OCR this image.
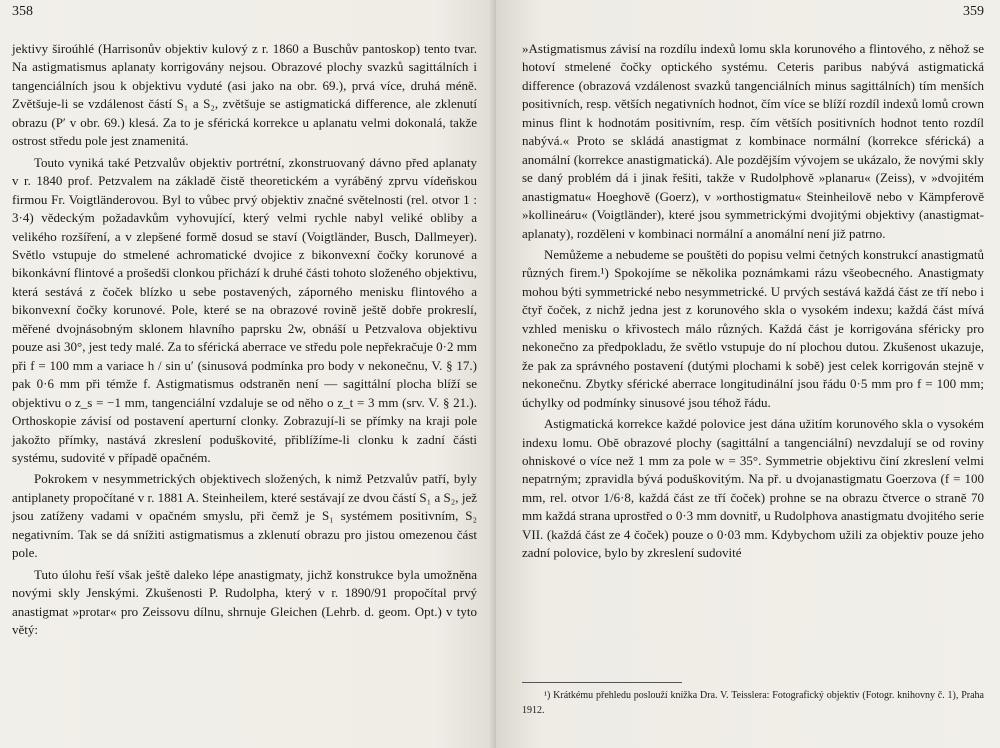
358

jektivy široúhlé (Harrisonův objektiv kulový z r. 1860 a Buschův pantoskop) tento tvar. Na astigmatismus aplanaty korrigovány nejsou. Obrazové plochy svazků sagittálních i tangenciálních jsou k objektivu vyduté (asi jako na obr. 69.), prvá více, druhá méně. Zvětšuje-li se vzdálenost částí S₁ a S₂, zvětšuje se astigmatická difference, ale zklenutí obrazu (P′ v obr. 69.) klesá. Za to je sférická korrekce u aplanatu velmi dokonalá, takže ostrost středu pole jest znamenitá.

Touto vyniká také Petzvalův objektiv portrétní, zkonstruovaný dávno před aplanaty v r. 1840 prof. Petzvalem na základě čistě theoretickém a vyráběný zprvu vídeňskou firmou Fr. Voigtländerovou. Byl to vůbec prvý objektiv značné světelnosti (rel. otvor 1 : 3·4) vědeckým požadavkům vyhovující, který velmi rychle nabyl veliké obliby a velikého rozšíření, a v zlepšené formě dosud se staví (Voigtländer, Busch, Dallmeyer). Světlo vstupuje do stmelené achromatické dvojice z bikonvexní čočky korunové a bikonkávní flintové a prošedši clonkou přichází k druhé části tohoto složeného objektivu, která sestává z čoček blízko u sebe postavených, záporného menisku flintového a bikonvexní čočky korunové. Pole, které se na obrazové rovině ještě dobře prokreslí, měřené dvojnásobným sklonem hlavního paprsku 2w, obnáší u Petzvalova objektivu pouze asi 30°, jest tedy malé. Za to sférická aberrace ve středu pole nepřekračuje 0·2 mm při f = 100 mm a variace h / sin u′ (sinusová podmínka pro body v nekonečnu, V. § 17.) pak 0·6 mm při témže f. Astigmatismus odstraněn není — sagittální plocha blíží se objektivu o z_s = −1 mm, tangenciální vzdaluje se od něho o z_t = 3 mm (srv. V. § 21.). Orthoskopie závisí od postavení aperturní clonky. Zobrazují-li se přímky na kraji pole jakožto přímky, nastává zkreslení poduškovité, přiblížíme-li clonku k zadní části systému, sudovité v případě opačném.

Pokrokem v nesymmetrických objektivech složených, k nimž Petzvalův patří, byly antiplanety propočítané v r. 1881 A. Steinheilem, které sestávají ze dvou částí S₁ a S₂, jež jsou zatíženy vadami v opačném smyslu, při čemž je S₁ systémem positivním, S₂ negativním. Tak se dá snížiti astigmatismus a zklenutí obrazu pro jistou omezenou část pole.

Tuto úlohu řeší však ještě daleko lépe anastigmaty, jichž konstrukce byla umožněna novými skly Jenskými. Zkušenosti P. Rudolpha, který v r. 1890/91 propočítal prvý anastigmat »protar« pro Zeissovu dílnu, shrnuje Gleichen (Lehrb. d. geom. Opt.) v tyto větý:

359

»Astigmatismus závisí na rozdílu indexů lomu skla korunového a flintového, z něhož se hotoví stmelené čočky optického systému. Ceteris paribus nabývá astigmatická difference (obrazová vzdálenost svazků tangenciálních minus sagittálních) tím menších positivních, resp. větších negativních hodnot, čím více se blíží rozdíl indexů lomů crown minus flint k hodnotám positivním, resp. čím větších positivních hodnot tento rozdíl nabývá.« Proto se skládá anastigmat z kombinace normální (korrekce sférická) a anomální (korrekce anastigmatická). Ale pozdějším vývojem se ukázalo, že novými skly se daný problém dá i jinak řešiti, takže v Rudolphově »planaru« (Zeiss), v »dvojitém anastigmatu« Hoeghově (Goerz), v »orthostigmatu« Steinheilově nebo v Kämpferově »kollineáru« (Voigtländer), které jsou symmetrickými dvojitými objektivy (anastigmat-aplanaty), rozděleni v kombinaci normální a anomální není již patrno.

Nemůžeme a nebudeme se pouštěti do popisu velmi četných konstrukcí anastigmatů různých firem.¹) Spokojíme se několika poznámkami rázu všeobecného. Anastigmaty mohou býti symmetrické nebo nesymmetrické. U prvých sestává každá část ze tří nebo i čtyř čoček, z nichž jedna jest z korunového skla o vysokém indexu; každá část mívá vzhled menisku o křivostech málo různých. Každá část je korrigována sféricky pro nekonečno za předpokladu, že světlo vstupuje do ní plochou dutou. Zkušenost ukazuje, že pak za správného postavení (dutými plochami k sobě) jest celek korrigován stejně v nekonečnu. Zbytky sférické aberrace longitudinální jsou řádu 0·5 mm pro f = 100 mm; úchylky od podmínky sinusové jsou téhož řádu.

Astigmatická korrekce každé polovice jest dána užitím korunového skla o vysokém indexu lomu. Obě obrazové plochy (sagittální a tangenciální) nevzdalují se od roviny ohniskové o více než 1 mm za pole w = 35°. Symmetrie objektivu činí zkreslení velmi nepatrným; zpravidla bývá poduškovitým. Na př. u dvojanastigmatu Goerzova (f = 100 mm, rel. otvor 1/6·8, každá část ze tří čoček) prohne se na obrazu čtverce o straně 70 mm každá strana uprostřed o 0·3 mm dovnitř, u Rudolphova anastigmatu dvojitého serie VII. (každá část ze 4 čoček) pouze o 0·03 mm. Kdybychom užili za objektiv pouze jeho zadní polovice, bylo by zkreslení sudovité

¹) Krátkému přehledu poslouží knížka Dra. V. Teisslera: Fotografický objektiv (Fotogr. knihovny č. 1), Praha 1912.
